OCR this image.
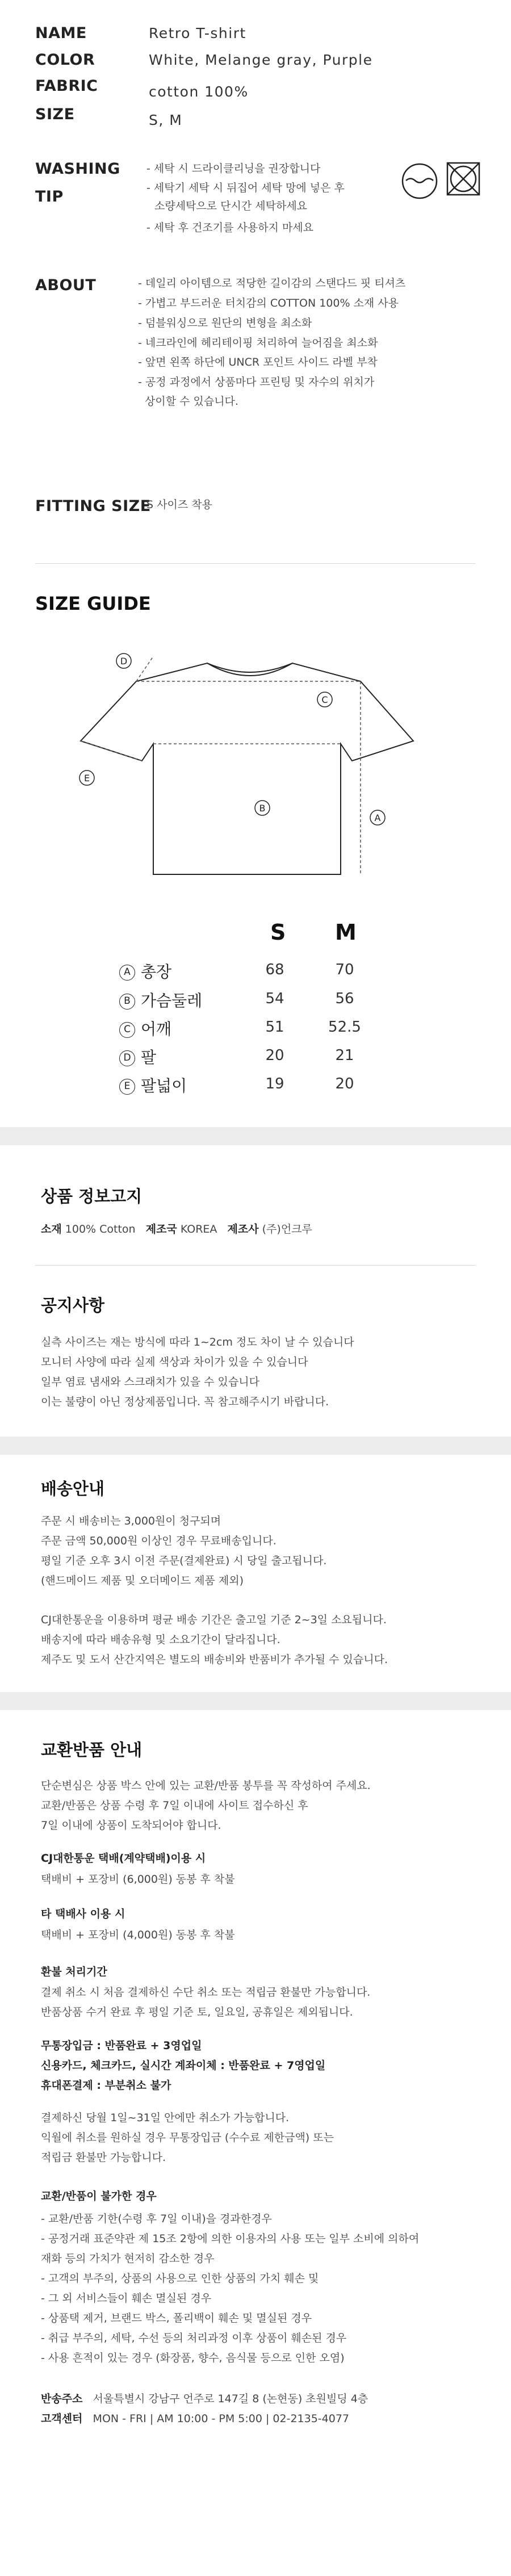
NAME	Retro T-shirt
COLOR	White, Melange gray, Purple
FABRIC	cotton 100%
SIZE	S, M
WASHING
TIP
- 세탁 시 드라이클리닝을 권장합니다
- 세탁기 세탁 시 뒤집어 세탁 망에 넣은 후
소량세탁으로 단시간 세탁하세요
- 세탁 후 건조기를 사용하지 마세요
ABOUT	- 데일리 아이템으로 적당한 길이감의 스탠다드 핏 티셔츠
- 가볍고 부드러운 터치감의 COTTON 100% 소재 사용
- 덤블워싱으로 원단의 변형을 최소화
- 네크라인에 헤리테이핑 처리하여 늘어짐을 최소화
- 앞면 왼쪽 하단에 UNCR 포인트 사이드 라벨 부착
- 공정 과정에서 상품마다 프린팅 및 자수의 위치가
상이할 수 있습니다.
FITTING SIZE
S 사이즈 착용
SIZE GUIDE
D
C
E
B
A
S M
A 총장	68	70
B 가슴둘레	54	56
C 어깨	51	52.5
D 팔	20	21
E 팔넓이	19	20
상품 정보고지
소재 100% Cotton 제조국 KOREA 제조사 (주)언크루
공지사항
실측 사이즈는 재는 방식에 따라 1~2cm 정도 차이 날 수 있습니다
모니터 사양에 따라 실제 색상과 차이가 있을 수 있습니다
일부 염료 냄새와 스크래치가 있을 수 있습니다
이는 불량이 아닌 정상제품입니다. 꼭 참고해주시기 바랍니다.
배송안내
주문 시 배송비는 3,000원이 청구되며
주문 금액 50,000원 이상인 경우 무료배송입니다.
평일 기준 오후 3시 이전 주문(결제완료) 시 당일 출고됩니다.
(핸드메이드 제품 및 오더메이드 제품 제외)
CJ대한통운을 이용하며 평균 배송 기간은 출고일 기준 2~3일 소요됩니다.
배송지에 따라 배송유형 및 소요기간이 달라집니다.
제주도 및 도서 산간지역은 별도의 배송비와 반품비가 추가될 수 있습니다.
교환반품 안내
단순변심은 상품 박스 안에 있는 교환/반품 봉투를 꼭 작성하여 주세요.
교환/반품은 상품 수령 후 7일 이내에 사이트 접수하신 후
7일 이내에 상품이 도착되어야 합니다.
CJ대한통운 택배(계약택배)이용 시
택배비 + 포장비 (6,000원) 동봉 후 착불
타 택배사 이용 시
택배비 + 포장비 (4,000원) 동봉 후 착불
환불 처리기간
결제 취소 시 처음 결제하신 수단 취소 또는 적립금 환불만 가능합니다.
반품상품 수거 완료 후 평일 기준 토, 일요일, 공휴일은 제외됩니다.
무통장입금 : 반품완료 + 3영업일
신용카드, 체크카드, 실시간 계좌이체 : 반품완료 + 7영업일
휴대폰결제 : 부분취소 불가
결제하신 당월 1일~31일 안에만 취소가 가능합니다.
익월에 취소를 원하실 경우 무통장입금 (수수료 제한금액) 또는
적립금 환불만 가능합니다.
교환/반품이 불가한 경우
- 교환/반품 기한(수령 후 7일 이내)을 경과한경우
- 공정거래 표준약관 제 15조 2항에 의한 이용자의 사용 또는 일부 소비에 의하여
재화 등의 가치가 현저히 감소한 경우
- 고객의 부주의, 상품의 사용으로 인한 상품의 가치 훼손 및
- 그 외 서비스들이 훼손 멸실된 경우
- 상품택 제거, 브랜드 박스, 폴리백이 훼손 및 멸실된 경우
- 취급 부주의, 세탁, 수선 등의 처리과정 이후 상품이 훼손된 경우
- 사용 흔적이 있는 경우 (화장품, 향수, 음식물 등으로 인한 오염)
반송주소 서울특별시 강남구 언주로 147길 8 (논현동) 초원빌딩 4층
고객센터 MON - FRI | AM 10:00 - PM 5:00 | 02-2135-4077
